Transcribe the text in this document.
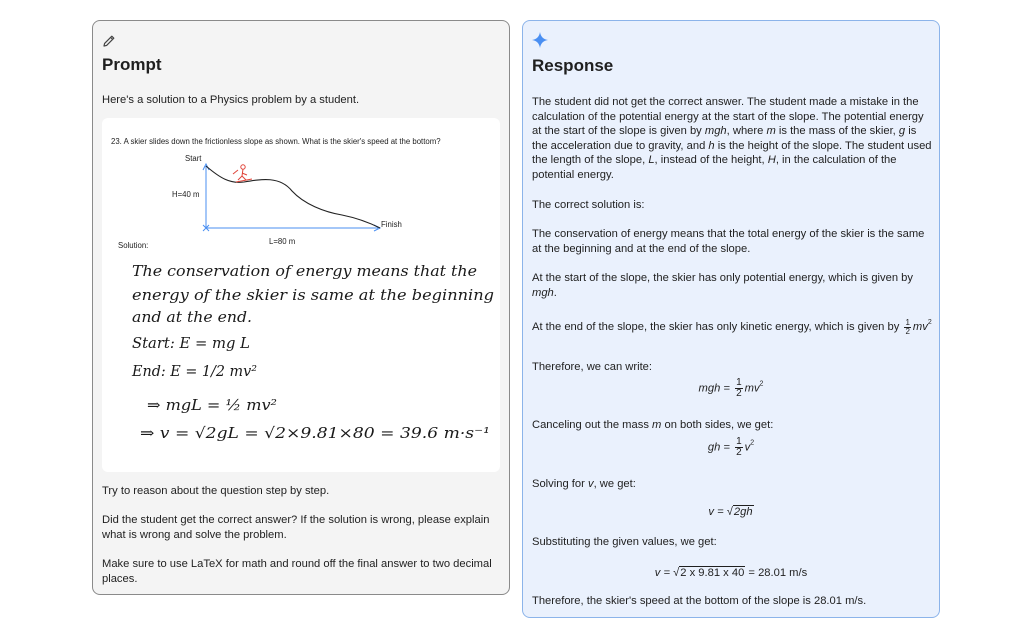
Prompt

Here's a solution to a Physics problem by a student.

23. A skier slides down the frictionless slope as shown. What is the skier's speed at the bottom?
Start
H=40 m
Finish
L=80 m
Solution:
The conservation of energy means that the
energy of the skier is same at the beginning
and at the end.
Start: E = mg L
End: E = 1/2 mv²
⇒ mgL = ½ mv²
⇒ v = √2gL = √2×9.81×80 = 39.6 m·s⁻¹

Try to reason about the question step by step.

Did the student get the correct answer? If the solution is wrong, please explain what is wrong and solve the problem.

Make sure to use LaTeX for math and round off the final answer to two decimal places.

Response

The student did not get the correct answer. The student made a mistake in the calculation of the potential energy at the start of the slope. The potential energy at the start of the slope is given by mgh, where m is the mass of the skier, g is the acceleration due to gravity, and h is the height of the slope. The student used the length of the slope, L, instead of the height, H, in the calculation of the potential energy.

The correct solution is:

The conservation of energy means that the total energy of the skier is the same at the beginning and at the end of the slope.

At the start of the slope, the skier has only potential energy, which is given by mgh.

At the end of the slope, the skier has only kinetic energy, which is given by $\frac{1}{2} mv^2$

Therefore, we can write:

mgh = $\frac{1}{2} mv^2$

Canceling out the mass m on both sides, we get:

gh = $\frac{1}{2} v^2$

Solving for v, we get:

v = √2gh

Substituting the given values, we get:

v = √2 x 9.81 x 40 = 28.01 m/s

Therefore, the skier's speed at the bottom of the slope is 28.01 m/s.
